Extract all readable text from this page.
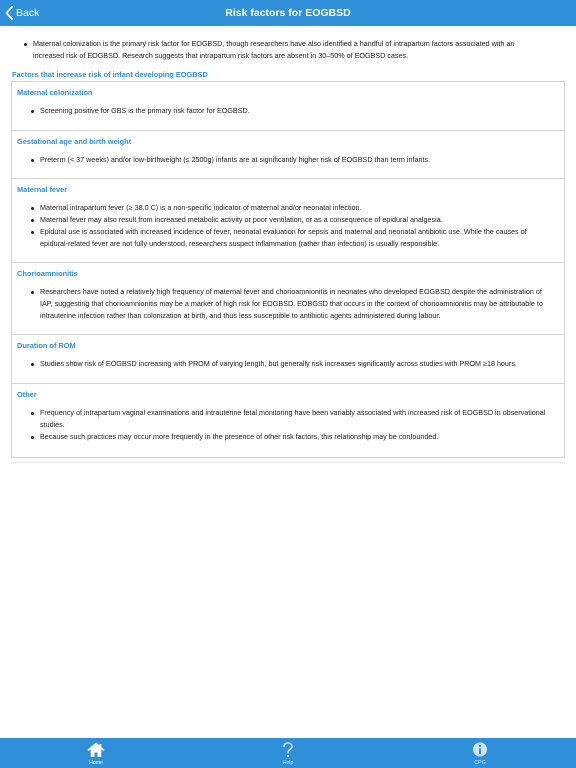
Back	Risk factors for EOGBSD
Maternal colonization is the primary risk factor for EOGBSD, though researchers have also identified a handful of intrapartum factors associated with an increased risk of EOGBSD. Research suggests that intrapartum risk factors are absent in 30–50% of EOGBSD cases.
Factors that increase risk of infant developing EOGBSD
Maternal colonization
Screening positive for GBS is the primary risk factor for EOGBSD.
Gestational age and birth weight
Preterm (< 37 weeks) and/or low-birthweight (≤ 2500g) infants are at significantly higher risk of EOGBSD than term infants.
Maternal fever
Maternal intrapartum fever (≥ 38.0 C) is a non-specific indicator of maternal and/or neonatal infection.
Maternal fever may also result from increased metabolic activity or poor ventilation, or as a consequence of epidural analgesia.
Epidural use is associated with increased incidence of fever, neonatal evaluation for sepsis and maternal and neonatal antibiotic use. While the causes of epidural-related fever are not fully understood, researchers suspect inflammation (rather than infection) is usually responsible.
Chorioamnionitis
Researchers have noted a relatively high frequency of maternal fever and chorioamnionitis in neonates who developed EOGBSD despite the administration of IAP, suggesting that chorioamnionitis may be a marker of high risk for EOGBSD. EOBGSD that occurs in the context of chorioamnionitis may be attributable to intrauterine infection rather than colonization at birth, and thus less susceptible to antibiotic agents administered during labour.
Duration of ROM
Studies show risk of EOGBSD increasing with PROM of varying length, but generally risk increases significantly across studies with PROM ≥18 hours.
Other
Frequency of intrapartum vaginal examinations and intrauterine fetal monitoring have been variably associated with increased risk of EOGBSD in observational studies.
Because such practices may occur more frequently in the presence of other risk factors, this relationship may be confounded.
Home	Help	CPG
